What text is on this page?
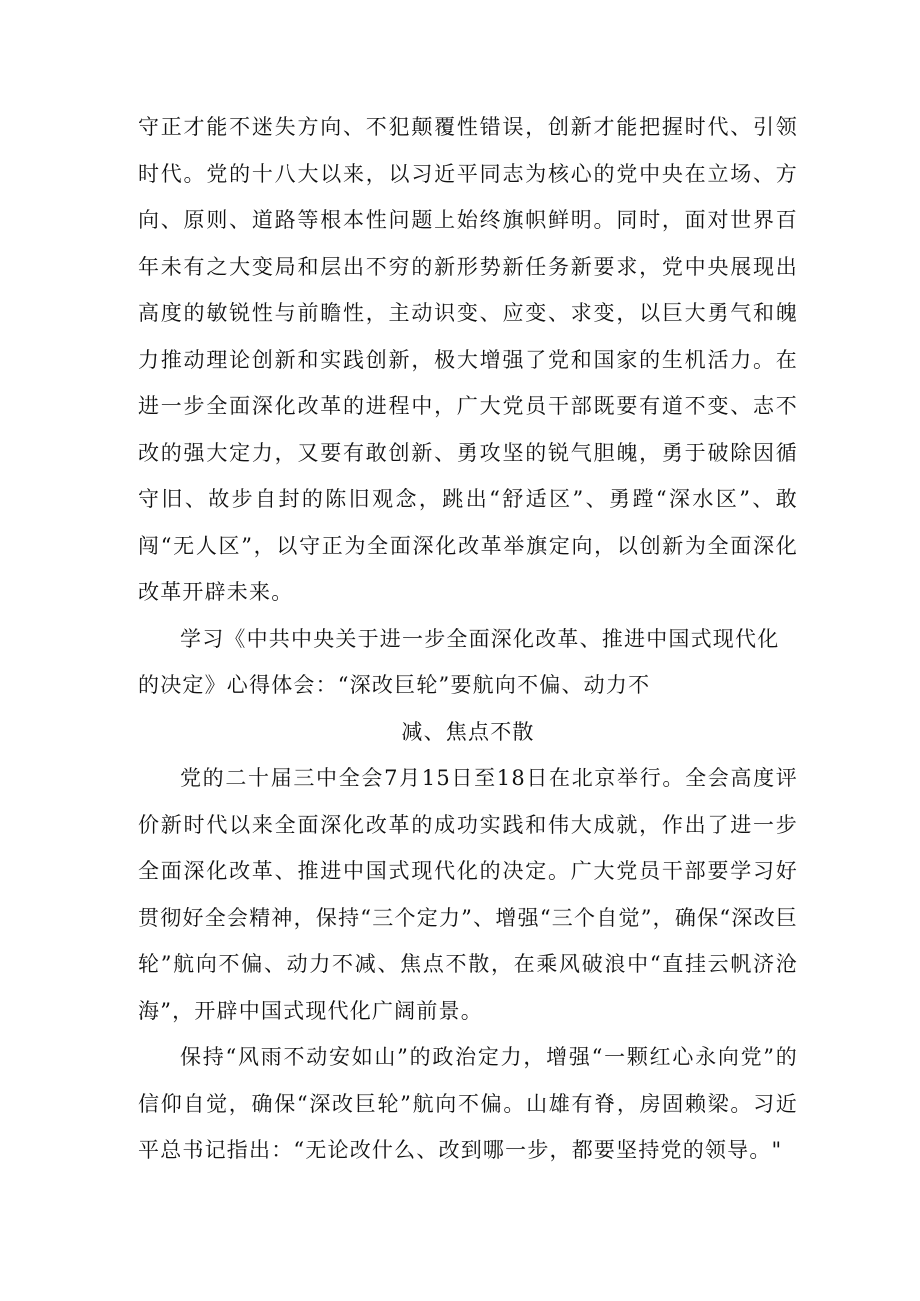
守正才能不迷失方向、不犯颠覆性错误，创新才能把握时代、引领时代。党的十八大以来，以习近平同志为核心的党中央在立场、方向、原则、道路等根本性问题上始终旗帜鲜明。同时，面对世界百年未有之大变局和层出不穷的新形势新任务新要求，党中央展现出高度的敏锐性与前瞻性，主动识变、应变、求变，以巨大勇气和魄力推动理论创新和实践创新，极大增强了党和国家的生机活力。在进一步全面深化改革的进程中，广大党员干部既要有道不变、志不改的强大定力，又要有敢创新、勇攻坚的锐气胆魄，勇于破除因循守旧、故步自封的陈旧观念，跳出“舒适区”、勇蹚“深水区”、敢闯“无人区”，以守正为全面深化改革举旗定向，以创新为全面深化改革开辟未来。

学习《中共中央关于进一步全面深化改革、推进中国式现代化的决定》心得体会：“深改巨轮”要航向不偏、动力不

减、焦点不散

党的二十届三中全会7月15日至18日在北京举行。全会高度评价新时代以来全面深化改革的成功实践和伟大成就，作出了进一步全面深化改革、推进中国式现代化的决定。广大党员干部要学习好贯彻好全会精神，保持“三个定力”、增强“三个自觉”，确保“深改巨轮”航向不偏、动力不减、焦点不散，在乘风破浪中“直挂云帆济沧海”，开辟中国式现代化广阔前景。

保持“风雨不动安如山”的政治定力，增强“一颗红心永向党”的信仰自觉，确保“深改巨轮”航向不偏。山雄有脊，房固赖梁。习近平总书记指出：“无论改什么、改到哪一步，都要坚持党的领导。"
